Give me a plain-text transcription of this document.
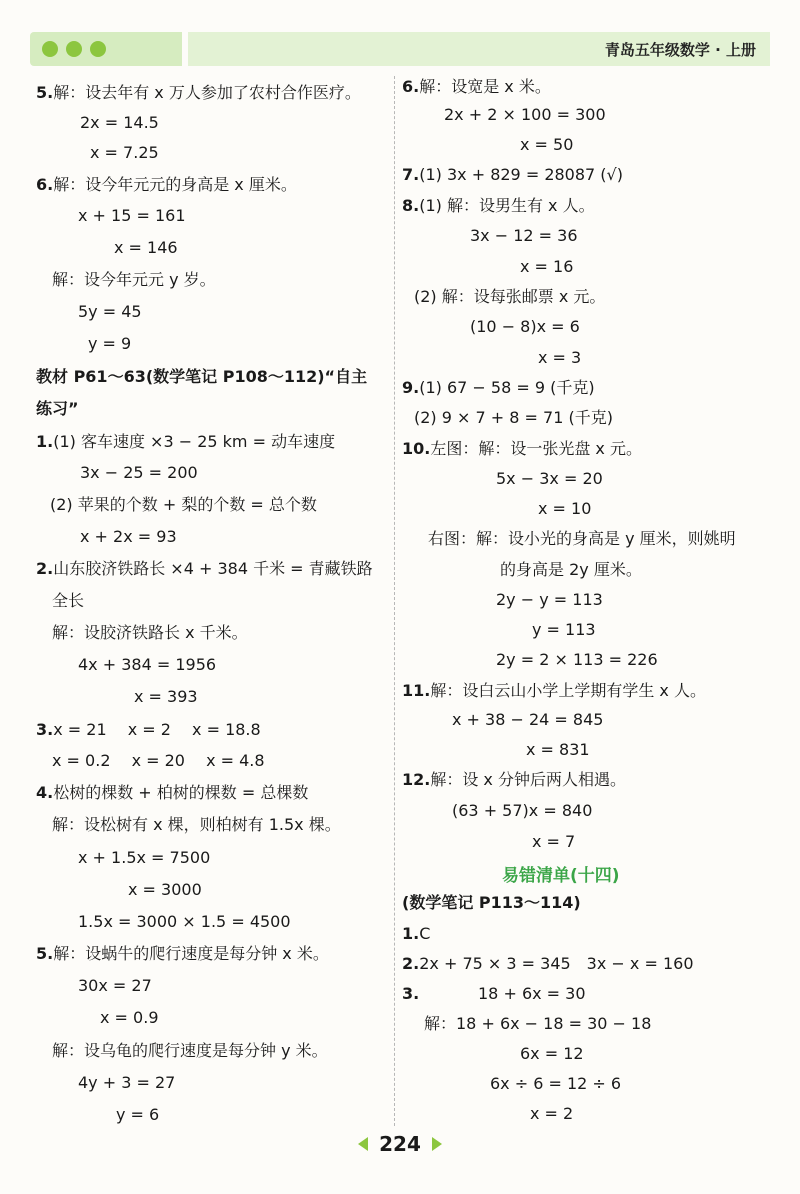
青岛五年级数学 · 上册
5.解：设去年有 x 万人参加了农村合作医疗。
2x = 14.5
x = 7.25
6.解：设今年元元的身高是 x 厘米。
x + 15 = 161
x = 146
解：设今年元元 y 岁。
5y = 45
y = 9
教材 P61～63(数学笔记 P108～112)“自主
练习”
1.(1) 客车速度 ×3 − 25 km = 动车速度
3x − 25 = 200
(2) 苹果的个数 + 梨的个数 = 总个数
x + 2x = 93
2.山东胶济铁路长 ×4 + 384 千米 = 青藏铁路
全长
解：设胶济铁路长 x 千米。
4x + 384 = 1956
x = 393
3.x = 21　 x = 2　 x = 18.8
x = 0.2　 x = 20　 x = 4.8
4.松树的棵数 + 柏树的棵数 = 总棵数
解：设松树有 x 棵，则柏树有 1.5x 棵。
x + 1.5x = 7500
x = 3000
1.5x = 3000 × 1.5 = 4500
5.解：设蜗牛的爬行速度是每分钟 x 米。
30x = 27
x = 0.9
解：设乌龟的爬行速度是每分钟 y 米。
4y + 3 = 27
y = 6
6.解：设宽是 x 米。
2x + 2 × 100 = 300
x = 50
7.(1) 3x + 829 = 28087 (√)
8.(1) 解：设男生有 x 人。
3x − 12 = 36
x = 16
(2) 解：设每张邮票 x 元。
(10 − 8)x = 6
x = 3
9.(1) 67 − 58 = 9 (千克)
(2) 9 × 7 + 8 = 71 (千克)
10.左图：解：设一张光盘 x 元。
5x − 3x = 20
x = 10
右图：解：设小光的身高是 y 厘米，则姚明
的身高是 2y 厘米。
2y − y = 113
y = 113
2y = 2 × 113 = 226
11.解：设白云山小学上学期有学生 x 人。
x + 38 − 24 = 845
x = 831
12.解：设 x 分钟后两人相遇。
(63 + 57)x = 840
x = 7
(数学笔记 P113～114)
1.C
2.2x + 75 × 3 = 345　3x − x = 160
3.	18 + 6x = 30
解：18 + 6x − 18 = 30 − 18
6x = 12
6x ÷ 6 = 12 ÷ 6
x = 2
易错清单(十四)
224
